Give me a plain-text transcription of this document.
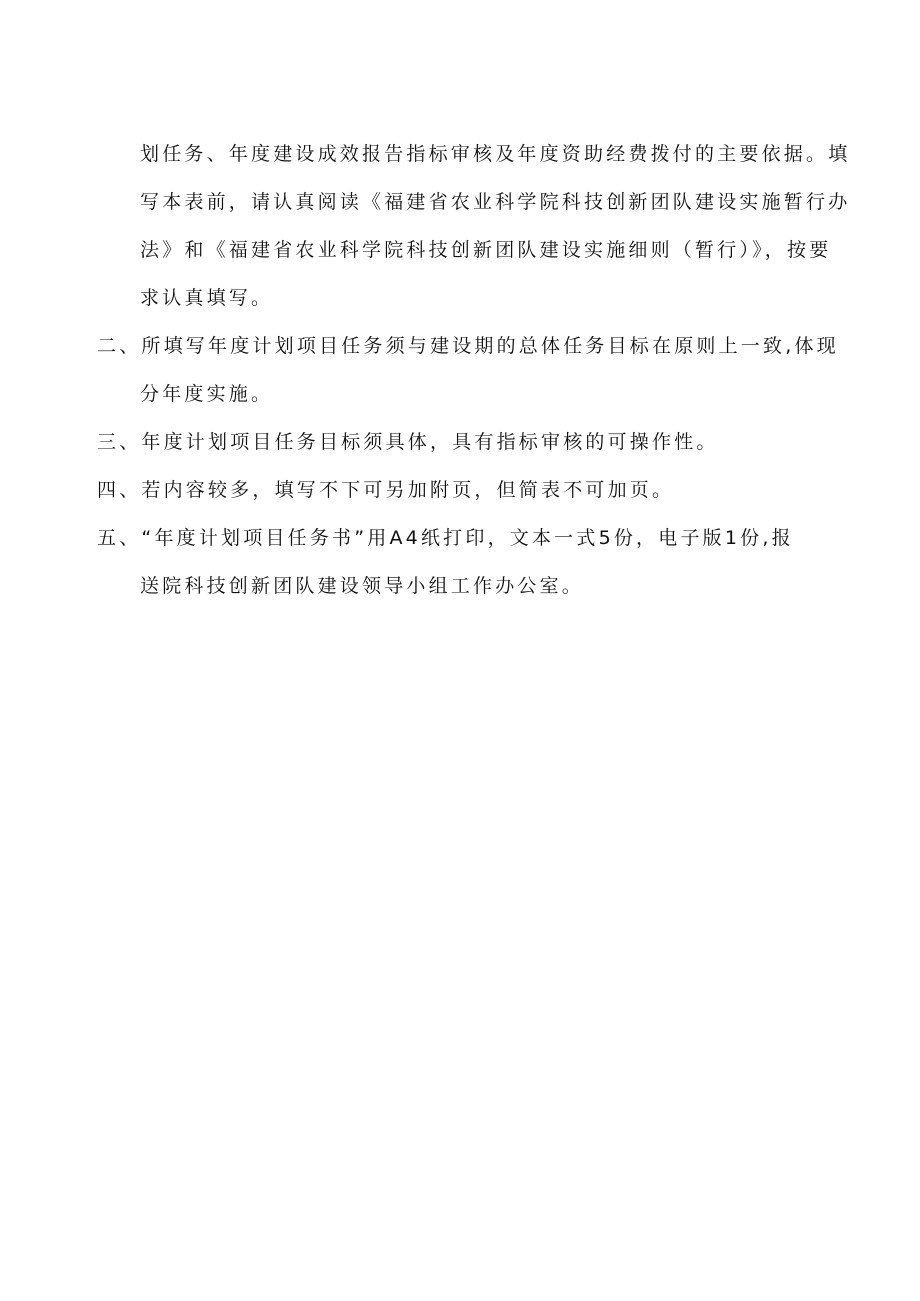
划任务、年度建设成效报告指标审核及年度资助经费拨付的主要依据。填
写本表前，请认真阅读《福建省农业科学院科技创新团队建设实施暂行办
法》和《福建省农业科学院科技创新团队建设实施细则（暂行）》，按要
求认真填写。
二、所填写年度计划项目任务须与建设期的总体任务目标在原则上一致,体现
分年度实施。
三、年度计划项目任务目标须具体，具有指标审核的可操作性。
四、若内容较多，填写不下可另加附页，但简表不可加页。
五、“年度计划项目任务书”用A4纸打印，文本一式5份，电子版1份,报
送院科技创新团队建设领导小组工作办公室。
